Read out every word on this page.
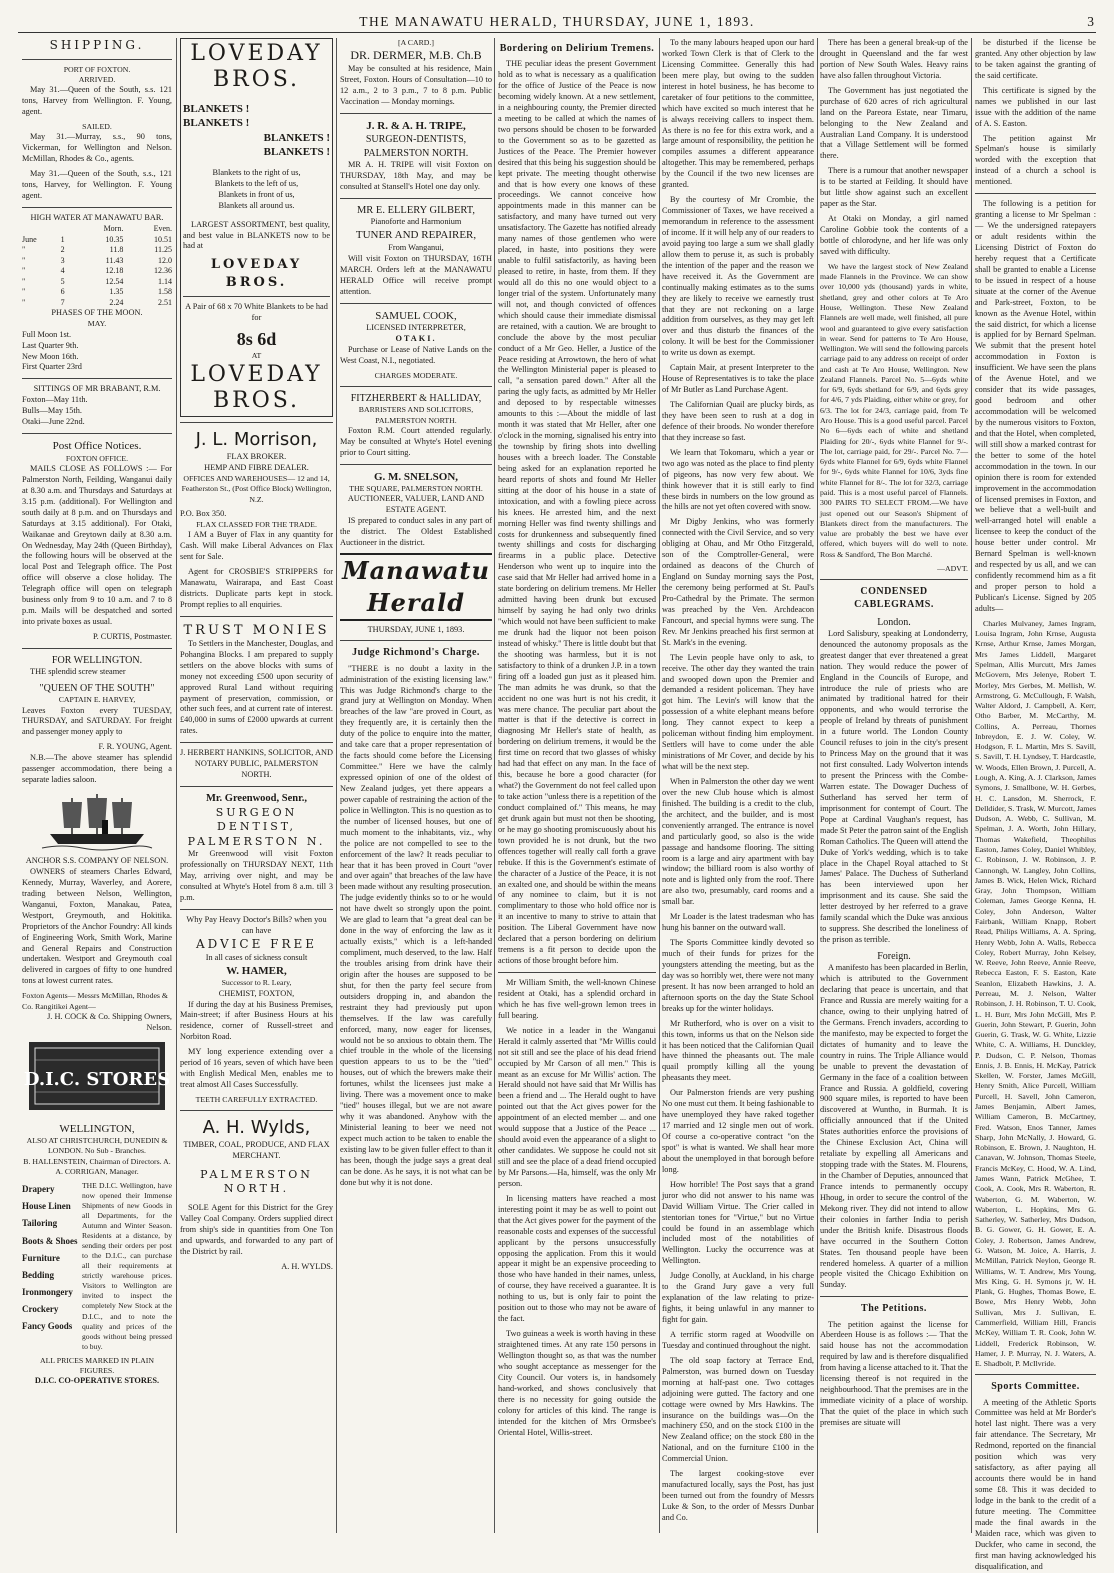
THE MANAWATU HERALD, THURSDAY, JUNE 1, 1893.	3
SHIPPING.
PORT OF FOXTON.
ARRIVED.

May 31.—Queen of the South, s.s. 121 tons, Harvey from Wellington. F. Young, agent.

SAILED.

May 31.—Murray, s.s., 90 tons, Vickerman, for Wellington and Nelson. McMillan, Rhodes & Co., agents.

May 31.—Queen of the South, s.s., 121 tons, Harvey, for Wellington. F. Young agent.

HIGH WATER AT MANAWATU BAR.
		Morn.	Even.
June	1	10.35	10.51
"	2	11.8	11.25
"	3	11.43	12.0
"	4	12.18	12.36
"	5	12.54	1.14
"	6	1.35	1.58
"	7	2.24	2.51
PHASES OF THE MOON.
MAY.
Full Moon 1st.
Last Quarter 9th.
New Moon 16th.
First Quarter 23rd
SITTINGS OF MR BRABANT, R.M.
Foxton—May 11th.
Bulls—May 15th.
Otaki—June 22nd.
Post Office Notices.
FOXTON OFFICE.

MAILS CLOSE AS FOLLOWS :— For Palmerston North, Feilding, Wanganui daily at 8.30 a.m. and Thursdays and Saturdays at 3.15 p.m. (additional). For Wellington and south daily at 8 p.m. and on Thursdays and Saturdays at 3.15 additional). For Otaki, Waikanae and Greytown daily at 8.30 a.m. On Wednesday, May 24th (Queen Birthday), the following hours will be observed at the local Post and Telegraph office. The Post office will observe a close holiday. The Telegraph office will open on telegraph business only from 9 to 10 a.m. and 7 to 8 p.m. Mails will be despatched and sorted into private boxes as usual.

P. CURTIS, Postmaster.
FOR WELLINGTON.

THE splendid screw steamer

"QUEEN OF THE SOUTH"
CAPTAIN E. HARVEY,

Leaves Foxton every TUESDAY, THURSDAY, and SATURDAY. For freight and passenger money apply to

F. R. YOUNG, Agent.

N.B.—The above steamer has splendid passenger accommodation, there being a separate ladies saloon.

ANCHOR S.S. COMPANY OF NELSON.

OWNERS of steamers Charles Edward, Kennedy, Murray, Waverley, and Aorere, trading between Nelson, Wellington, Wanganui, Foxton, Manakau, Patea, Westport, Greymouth, and Hokitika. Proprietors of the Anchor Foundry: All kinds of Engineering Work, Smith Work, Marine and General Repairs and Construction undertaken. Westport and Greymouth coal delivered in cargoes of fifty to one hundred tons at lowest current rates.

Foxton Agents— Messrs McMillan, Rhodes & Co. Rangitikei Agent—
J. H. COCK & Co. Shipping Owners, Nelson.
D.I.C. STORES
WELLINGTON,
ALSO AT CHRISTCHURCH, DUNEDIN & LONDON. No Sub - Branches.
B. HALLENSTEIN, Chairman of Directors. A. A. CORRIGAN, Manager.
Drapery
House Linen
Tailoring
Boots & Shoes
Furniture
Bedding
Ironmongery
Crockery
Fancy Goods

THE D.I.C. Wellington, have now opened their Immense Shipments of new Goods in all Departments, for the Autumn and Winter Season. Residents at a distance, by sending their orders per post to the D.I.C., can purchase all their requirements at strictly warehouse prices. Visitors to Wellington are invited to inspect the completely New Stock at the D.I.C., and to note the quality and prices of the goods without being pressed to buy.

ALL PRICES MARKED IN PLAIN FIGURES.
D.I.C. CO-OPERATIVE STORES.
LOVEDAY BROS.
BLANKETS !
BLANKETS !
BLANKETS !
BLANKETS !
Blankets to the right of us,
Blankets to the left of us,
Blankets in front of us,
Blankets all around us.

LARGEST ASSORTMENT, best quality, and best value in BLANKETS now to be had at

LOVEDAY BROS.

A Pair of 68 x 70 White Blankets to be had for

8s 6d
AT
LOVEDAY BROS.
J. L. Morrison,
FLAX BROKER.
HEMP AND FIBRE DEALER.

OFFICES AND WAREHOUSES— 12 and 14, Featherston St., (Post Office Block) Wellington, N.Z.

P.O. Box 350.
FLAX CLASSED FOR THE TRADE.

I AM a Buyer of Flax in any quantity for Cash. Will make Liberal Advances on Flax sent for Sale.

Agent for CROSBIE'S STRIPPERS for Manawatu, Wairarapa, and East Coast districts. Duplicate parts kept in stock. Prompt replies to all enquiries.

TRUST MONIES

To Settlers in the Manchester, Douglas, and Pohangina Blocks. I am prepared to supply settlers on the above blocks with sums of money not exceeding £500 upon security of approved Rural Land without requiring payment of preservation, commission, or other such fees, and at current rate of interest. £40,000 in sums of £2000 upwards at current rates.

J. HERBERT HANKINS, SOLICITOR, AND NOTARY PUBLIC, PALMERSTON NORTH.

Mr. Greenwood, Senr.,
SURGEON DENTIST,
PALMERSTON N.

Mr Greenwood will visit Foxton professionally on THURSDAY NEXT, 11th May, arriving over night, and may be consulted at Whyte's Hotel from 8 a.m. till 3 p.m.

Why Pay Heavy Doctor's Bills? when you can have
ADVICE FREE
In all cases of sickness consult
W. HAMER,
Successor to R. Leary,
CHEMIST, FOXTON,

If during the day at his Business Premises, Main-street; if after Business Hours at his residence, corner of Russell-street and Norbiton Road.

MY long experience extending over a period of 16 years, seven of which have been with English Medical Men, enables me to treat almost All Cases Successfully.

TEETH CAREFULLY EXTRACTED.
A. H. Wylds,
TIMBER, COAL, PRODUCE, AND FLAX MERCHANT.
PALMERSTON NORTH.

SOLE Agent for this District for the Grey Valley Coal Company. Orders supplied direct from ship's side in quantities from One Ton and upwards, and forwarded to any part of the District by rail.

A. H. WYLDS.
[A CARD.]
DR. DERMER, M.B. Ch.B

May be consulted at his residence, Main Street, Foxton. Hours of Consultation—10 to 12 a.m., 2 to 3 p.m., 7 to 8 p.m. Public Vaccination — Monday mornings.

J. R. & A. H. TRIPE,
SURGEON-DENTISTS,
PALMERSTON NORTH.

MR A. H. TRIPE will visit Foxton on THURSDAY, 18th May, and may be consulted at Stansell's Hotel one day only.

MR E. ELLERY GILBERT,
Pianoforte and Harmonium
TUNER AND REPAIRER,
From Wanganui,

Will visit Foxton on THURSDAY, 16TH MARCH. Orders left at the MANAWATU HERALD Office will receive prompt attention.

SAMUEL COOK,
LICENSED INTERPRETER,
OTAKI.

Purchase or Lease of Native Lands on the West Coast, N.I., negotiated.

CHARGES MODERATE.
FITZHERBERT & HALLIDAY,
BARRISTERS AND SOLICITORS, PALMERSTON NORTH.

Foxton R.M. Court attended regularly. May be consulted at Whyte's Hotel evening prior to Court sitting.

G. M. SNELSON,
THE SQUARE, PALMERSTON NORTH.
AUCTIONEER, VALUER, LAND AND ESTATE AGENT.

IS prepared to conduct sales in any part of the district. The Oldest Established Auctioneer in the district.

Manawatu Herald
THURSDAY, JUNE 1, 1893.
Judge Richmond's Charge.

"THERE is no doubt a laxity in the administration of the existing licensing law." This was Judge Richmond's charge to the grand jury at Wellington on Monday. When breaches of the law "are proved in Court, as they frequently are, it is certainly then the duty of the police to enquire into the matter, and take care that a proper representation of the facts should come before the Licensing Committee." Here we have the calmly expressed opinion of one of the oldest of New Zealand judges, yet there appears a power capable of restraining the action of the police in Wellington. This is no question as to the number of licensed houses, but one of much moment to the inhabitants, viz., why the police are not compelled to see to the enforcement of the law? It reads peculiar to hear that it has been proved in Court "over and over again" that breaches of the law have been made without any resulting prosecution. The judge evidently thinks so to or he would not have dwelt so strongly upon the point. We are glad to learn that "a great deal can be done in the way of enforcing the law as it actually exists," which is a left-handed compliment, much deserved, to the law. Half the troubles arising from drink have their origin after the houses are supposed to be shut, for then the party feel secure from outsiders dropping in, and abandon the restraint they had previously put upon themselves. If the law was carefully enforced, many, now eager for licenses, would not be so anxious to obtain them. The chief trouble in the whole of the licensing question appears to us to be the "tied" houses, out of which the brewers make their fortunes, whilst the licensees just make a living. There was a movement once to make "tied" houses illegal, but we are not aware why it was abandoned. Anyhow with the Ministerial leaning to beer we need not expect much action to be taken to enable the existing law to be given fuller effect to than it has been, though the judge says a great deal can be done. As he says, it is not what can be done but why it is not done.

Bordering on Delirium Tremens.

THE peculiar ideas the present Government hold as to what is necessary as a qualification for the office of Justice of the Peace is now becoming widely known. At a new settlement, in a neighbouring county, the Premier directed a meeting to be called at which the names of two persons should be chosen to be forwarded to the Government so as to be gazetted as Justices of the Peace. The Premier however desired that this being his suggestion should be kept private. The meeting thought otherwise and that is how every one knows of these proceedings. We cannot conceive how appointments made in this manner can be satisfactory, and many have turned out very unsatisfactory. The Gazette has notified already many names of those gentlemen who were placed, in haste, into positions they were unable to fulfil satisfactorily, as having been pleased to retire, in haste, from them. If they would all do this no one would object to a longer trial of the system. Unfortunately many will not, and though convicted of offences which should cause their immediate dismissal are retained, with a caution. We are brought to conclude the above by the most peculiar conduct of a Mr Geo. Heller, a Justice of the Peace residing at Arrowtown, the hero of what the Wellington Ministerial paper is pleased to call, "a sensation pared down." After all the paring the ugly facts, as admitted by Mr Heller and deposed to by respectable witnesses amounts to this :—About the middle of last month it was stated that Mr Heller, after one o'clock in the morning, signalised his entry into the township by firing shots into dwelling houses with a breech loader. The Constable being asked for an explanation reported he heard reports of shots and found Mr Heller sitting at the door of his house in a state of intoxication, and with a fowling piece across his knees. He arrested him, and the next morning Heller was find twenty shillings and costs for drunkenness and subsequently fined twenty shillings and costs for discharging firearms in a public place. Detective Henderson who went up to inquire into the case said that Mr Heller had arrived home in a state bordering on delirium tremens. Mr Heller admitted having been drunk but excused himself by saying he had only two drinks "which would not have been sufficient to make me drunk had the liquor not been poison instead of whisky." There is little doubt but that the shooting was harmless, but it is not satisfactory to think of a drunken J.P. in a town firing off a loaded gun just as it pleased him. The man admits he was drunk, so that the accident no one was hurt is not his credit, it was mere chance. The peculiar part about the matter is that if the detective is correct in diagnosing Mr Heller's state of health, as bordering on delirium tremens, it would be the first time on record that two glasses of whisky had had that effect on any man. In the face of this, because he bore a good character (for what?) the Government do not feel called upon to take action "unless there is a repetition of the conduct complained of." This means, he may get drunk again but must not then be shooting, or he may go shooting promiscuously about his town provided he is not drunk, but the two offences together will really call forth a grave rebuke. If this is the Government's estimate of the character of a Justice of the Peace, it is not an exalted one, and should be within the means of any nominee to claim, but it is not complimentary to those who hold office nor is it an incentive to many to strive to attain that position. The Liberal Government have now declared that a person bordering on delirium tremens is a fit person to decide upon the actions of those brought before him.

Mr William Smith, the well-known Chinese resident at Otaki, has a splendid orchard in which he has five well-grown lemon trees in full bearing.

We notice in a leader in the Wanganui Herald it calmly asserted that "Mr Willis could not sit still and see the place of his dead friend occupied by Mr Carson of all men." This is meant as an excuse for Mr Willis' action. The Herald should not have said that Mr Willis has been a friend and ... The Herald ought to have pointed out that the Act gives power for the appointment of an elected member ... and one would suppose that a Justice of the Peace ... should avoid even the appearance of a slight to other candidates. We suppose he could not sit still and see the place of a dead friend occupied by Mr Parsons.—Ha, himself, was the only Mr person.

In licensing matters have reached a most interesting point it may be as well to point out that the Act gives power for the payment of the reasonable costs and expenses of the successful applicant by the persons unsuccessfully opposing the application. From this it would appear it might be an expensive proceeding to those who have handed in their names, unless, of course, they have received a guarantee. It is nothing to us, but is only fair to point the position out to those who may not be aware of the fact.

Two guineas a week is worth having in these straightened times. At any rate 150 persons in Wellington thought so, as that was the number who sought acceptance as messenger for the City Council. Our voters is, in handsomely hand-worked, and shows conclusively that there is no necessity for going outside the colony for articles of this kind. The range is intended for the kitchen of Mrs Ormsbee's Oriental Hotel, Willis-street.

To the many labours heaped upon our hard worked Town Clerk is that of Clerk to the Licensing Committee. Generally this had been mere play, but owing to the sudden interest in hotel business, he has become to caretaker of four petitions to the committee, which have excited so much interest that he is always receiving callers to inspect them. As there is no fee for this extra work, and a large amount of responsibility, the petition he compiles assumes a different appearance altogether. This may be remembered, perhaps by the Council if the two new licenses are granted.

By the courtesy of Mr Crombie, the Commissioner of Taxes, we have received a memorandum in reference to the assessment of income. If it will help any of our readers to avoid paying too large a sum we shall gladly allow them to peruse it, as such is probably the intention of the paper and the reason we have received it. As the Government are continually making estimates as to the sums they are likely to receive we earnestly trust that they are not reckoning on a large addition from ourselves, as they may get left over and thus disturb the finances of the colony. It will be best for the Commissioner to write us down as exempt.

Captain Mair, at present Interpreter to the House of Representatives is to take the place of Mr Butler as Land Purchase Agent.

The Californian Quail are plucky birds, as they have been seen to rush at a dog in defence of their broods. No wonder therefore that they increase so fast.

We learn that Tokomaru, which a year or two ago was noted as the place to find plenty of pigeons, has now very few about. We think however that it is still early to find these birds in numbers on the low ground as the hills are not yet often covered with snow.

Mr Digby Jenkins, who was formerly connected with the Civil Service, and so very obliging at Ohau, and Mr Otho Fitzgerald, son of the Comptroller-General, were ordained as deacons of the Church of England on Sunday morning says the Post, the ceremony being performed at St. Paul's Pro-Cathedral by the Primate. The sermon was preached by the Ven. Archdeacon Fancourt, and special hymns were sung. The Rev. Mr Jenkins preached his first sermon at St. Mark's in the evening.

The Levin people have only to ask, to receive. The other day they wanted the train and swooped down upon the Premier and demanded a resident policeman. They have got him. The Levin's will know that the possession of a white elephant means before long. They cannot expect to keep a policeman without finding him employment. Settlers will have to come under the able ministrations of Mr Cover, and decide by his what will be the next step.

When in Palmerston the other day we went over the new Club house which is almost finished. The building is a credit to the club, the architect, and the builder, and is most conveniently arranged. The entrance is novel and particularly good, so also is the wide passage and handsome flooring. The sitting room is a large and airy apartment with bay window; the billiard room is also worthy of note and is lighted only from the roof. There are also two, presumably, card rooms and a small bar.

Mr Loader is the latest tradesman who has hung his banner on the outward wall.

The Sports Committee kindly devoted so much of their funds for prizes for the youngsters attending the meeting, but as the day was so horribly wet, there were not many present. It has now been arranged to hold an afternoon sports on the day the State School breaks up for the winter holidays.

Mr Rutherford, who is over on a visit to this town, informs us that on the Nelson side it has been noticed that the Californian Quail have thinned the pheasants out. The male quail promptly killing all the young pheasants they meet.

Our Palmerston friends are very pushing No one must cut them. It being fashionable to have unemployed they have raked together 17 married and 12 single men out of work. Of course a co-operative contract "on the spot" is what is wanted. We shall hear more about the unemployed in that borough before long.

How horrible! The Post says that a grand juror who did not answer to his name was David William Virtue. The Crier called in stentorian tones for "Virtue," but no Virtue could be found in an assemblage which included most of the notabilities of Wellington. Lucky the occurrence was at Wellington.

Judge Conolly, at Auckland, in his charge to the Grand Jury gave a very full explanation of the law relating to prize-fights, it being unlawful in any manner to fight for gain.

A terrific storm raged at Woodville on Tuesday and continued throughout the night.

The old soap factory at Terrace End, Palmerston, was burned down on Tuesday morning at half-past one. Two cottages adjoining were gutted. The factory and one cottage were owned by Mrs Hawkins. The insurance on the buildings was—On the machinery £50, and on the stock £100 in the New Zealand office; on the stock £80 in the National, and on the furniture £100 in the Commercial Union.

The largest cooking-stove ever manufactured locally, says the Post, has just been turned out from the foundry of Messrs Luke & Son, to the order of Messrs Dunbar and Co.

There has been a general break-up of the drought in Queensland and the far west portion of New South Wales. Heavy rains have also fallen throughout Victoria.

The Government has just negotiated the purchase of 620 acres of rich agricultural land on the Pareora Estate, near Timaru, belonging to the New Zealand and Australian Land Company. It is understood that a Village Settlement will be formed there.

There is a rumour that another newspaper is to be started at Feilding. It should have but little show against such an excellent paper as the Star.

At Otaki on Monday, a girl named Caroline Gobbie took the contents of a bottle of chlorodyne, and her life was only saved with difficulty.

We have the largest stock of New Zealand made Flannels in the Province. We can show over 10,000 yds (thousand) yards in white, shetland, grey and other colors at Te Aro House, Wellington. These New Zealand Flannels are well made, well finished, all pure wool and guaranteed to give every satisfaction in wear. Send for patterns to Te Aro House, Wellington. We will send the following parcels carriage paid to any address on receipt of order and cash at Te Aro House, Wellington. New Zealand Flannels. Parcel No. 5—6yds white for 6/9, 6yds shetland for 6/9, and 6yds grey for 4/6, 7 yds Plaiding, either white or grey, for 6/3. The lot for 24/3, carriage paid, from Te Aro House. This is a good useful parcel. Parcel No 6—6yds each of white and shetland Plaiding for 20/-, 6yds white Flannel for 9/-. The lot, carriage paid, for 29/-. Parcel No. 7—6yds white Flannel for 6/9, 6yds white Flannel for 9/-, 6yds white Flannel for 10/6, 3yds fine white Flannel for 8/-. The lot for 32/3, carriage paid. This is a most useful parcel of Flannels. 300 PAIRS TO SELECT FROM.—We have just opened out our Season's Shipment of Blankets direct from the manufacturers. The value are probably the best we have ever offered, which buyers will do well to note. Ross & Sandford, The Bon Marché.

—ADVT.
CONDENSED CABLEGRAMS.
London.

Lord Salisbury, speaking at Londonderry, denounced the autonomy proposals as the greatest danger that ever threatened a great nation. They would reduce the power of England in the Councils of Europe, and introduce the rule of priests who are animated by traditional hatred for their opponents, and who would terrorise the people of Ireland by threats of punishment in a future world. The London County Council refuses to join in the city's present to Princess May on the ground that it was not first consulted. Lady Wolverton intends to present the Princess with the Combe-Warren estate. The Dowager Duchess of Sutherland has served her term of imprisonment for contempt of Court. The Pope at Cardinal Vaughan's request, has made St Peter the patron saint of the English Roman Catholics. The Queen will attend the Duke of York's wedding, which is to take place in the Chapel Royal attached to St James' Palace. The Duchess of Sutherland has been interviewed upon her imprisonment and its cause. She said the letter destroyed by her referred to a grave family scandal which the Duke was anxious to suppress. She described the loneliness of the prison as terrible.

Foreign.

A manifesto has been placarded in Berlin, which is attributed to the Government declaring that peace is uncertain, and that France and Russia are merely waiting for a chance, owing to their unplying hatred of the Germans. French invaders, according to the manifesto, may be expected to forget the dictates of humanity and to leave the country in ruins. The Triple Alliance would be unable to prevent the devastation of Germany in the face of a coalition between France and Russia. A goldfield, covering 900 square miles, is reported to have been discovered at Wuntho, in Burmah. It is officially announced that if the United States authorities enforce the provisions of the Chinese Exclusion Act, China will retaliate by expelling all Americans and stopping trade with the States. M. Flourens, in the Chamber of Deputies, announced that France intends to permanently occupy Hhoug, in order to secure the control of the Mekong river. They did not intend to allow their colonies in farther India to perish under the British knife. Disastrous floods have occurred in the Southern Cotton States. Ten thousand people have been rendered homeless. A quarter of a million people visited the Chicago Exhibition on Sunday.

The Petitions.

The petition against the license for Aberdeen House is as follows :— That the said house has not the accommodation required by law and is therefore disqualified from having a license attached to it. That the licensing thereof is not required in the neighbourhood. That the premises are in the immediate vicinity of a place of worship. That the quiet of the place in which such premises are situate will

be disturbed if the license be granted. Any other objection by law to be taken against the granting of the said certificate.

This certificate is signed by the names we published in our last issue with the addition of the name of A. S. Easton.

The petition against Mr Spelman's house is similarly worded with the exception that instead of a church a school is mentioned.

The following is a petition for granting a license to Mr Spelman :— We the undersigned ratepayers or adult residents within the Licensing District of Foxton do hereby request that a Certificate shall be granted to enable a License to be issued in respect of a house situate at the corner of the Avenue and Park-street, Foxton, to be known as the Avenue Hotel, within the said district, for which a license is applied for by Bernard Spelman. We submit that the present hotel accommodation in Foxton is insufficient. We have seen the plans of the Avenue Hotel, and we consider that its wide passages, good bedroom and other accommodation will be welcomed by the numerous visitors to Foxton, and that the Hotel, when completed, will still show a marked contrast for the better to some of the hotel accommodation in the town. In our opinion there is room for extended improvement in the accommodation of licensed premises in Foxton, and we believe that a well-built and well-arranged hotel will enable a licensee to keep the conduct of the house better under control. Mr Bernard Spelman is well-known and respected by us all, and we can confidently recommend him as a fit and proper person to hold a Publican's License. Signed by 205 adults—

Charles Mulvaney, James Ingram, Louisa Ingram, John Krnse, Augusta Krnse, Arthur Krnse, James Morgan, Mrs James Liddell, Margaret Spelman, Allis Murcutt, Mrs James McGovern, Mrs Jelenye, Robert T. Morley, Mrs Gerbes, M. Mellish, W. Armstrong, G. McCullough, F. Walsh, Walter Aldord, J. Campbell, A. Kerr, Otho Barber, M. McCarthy, M. Collins, A. Perreau, Thornes Inbreydon, E. J. W. Coley, W. Hodgson, F. L. Martin, Mrs S. Savill, S. Savill, T. H. Lyndsey, T. Hardcastle, W. Woods, Ellen Brown, J. Purcell, A. Lough, A. King, A. J. Clarkson, James Symons, J. Smallbone, W. H. Gerbes, H. C. Lansdon, M. Sherrock, F. Delldider, S. Trask, W. Murcott, James Dudson, A. Webb, C. Sullivan, M. Spelman, J. A. Worth, John Hillary, Thomas Wakefield, Theophilus Easton, James Coley, Daniel Whibley, C. Robinson, J. W. Robinson, J. P. Cannongh, W. Langley, John Collins, James B. Wick, Helen Wick, Richard Gray, John Thompson, William Coleman, James George Kenna, H. Coley, John Anderson, Walter Fairbank, William Knapp, Robert Read, Philips Williams, A. A. Spring, Henry Webb, John A. Walls, Rebecca Coley, Robert Murray, John Kelsey, W. Reeve, John Reeve, Annie Reeve, Rebecca Easton, F. S. Easton, Kate Seanlon, Elizabeth Hawkins, J. A. Perreau, M. J. Nelson, Walter Robinson, J. H. Robinson, T. U. Cook, L. H. Burr, Mrs John McGill, Mrs P. Guerin, John Stewart, P. Guerin, John Guerin, G. Trask, W. G. White, Lizzie White, C. A. Williams, H. Dunckley, P. Dudson, C. P. Nelson, Thomas Ennis, J. B. Ennis, H. McKay, Patrick Skellen, W. Forster, James McGill, Henry Smith, Alice Purcell, William Purcell, H. Savell, John Cameron, James Benjamin, Albert James, William Cameron, B. McCartney, Fred. Watson, Enos Tanner, James Sharp, John McNally, J. Howard, G. Robinson, E. Brown, J. Naughton, H. Canavan, W. Johnson, Thomas Steele, Francis McKey, C. Hood, W. A. Lind, James Wann, Patrick McGhee, T. Cook, A. Cook, Mrs R. Waberton, R. Waberton, G. M. Waberton, W. Waberton, L. Hopkins, Mrs G. Satherley, W. Satherley, Mrs Dudson, B. G. Gower, G. H. Gower, E. A. Coley, J. Robertson, James Andrew, G. Watson, M. Joice, A. Harris, J. McMillan, Patrick Neylon, George R. Williams, W. T. Andrew, Mrs Young, Mrs King, G. H. Symons jr, W. H. Plank, G. Hughes, Thomas Bowe, E. Bowe, Mrs Henry Webb, John Sullivan, Mrs J. Sullivan, E. Cammerfield, William Hill, Francis McKey, William T. R. Cook, John W. Liddell, Frederick Robinson, W. Hamer, J. P. Murray, N. J. Waters, A. E. Shadbolt, P. McIlvride.

Sports Committee.

A meeting of the Athletic Sports Committee was held at Mr Border's hotel last night. There was a very fair attendance. The Secretary, Mr Redmond, reported on the financial position which was very satisfactory, as after paying all accounts there would be in hand some £8. This it was decided to lodge in the bank to the credit of a future meeting. The Committee made the final awards in the Maiden race, which was given to Duckfer, who came in second, the first man having acknowledged his disqualification, and
